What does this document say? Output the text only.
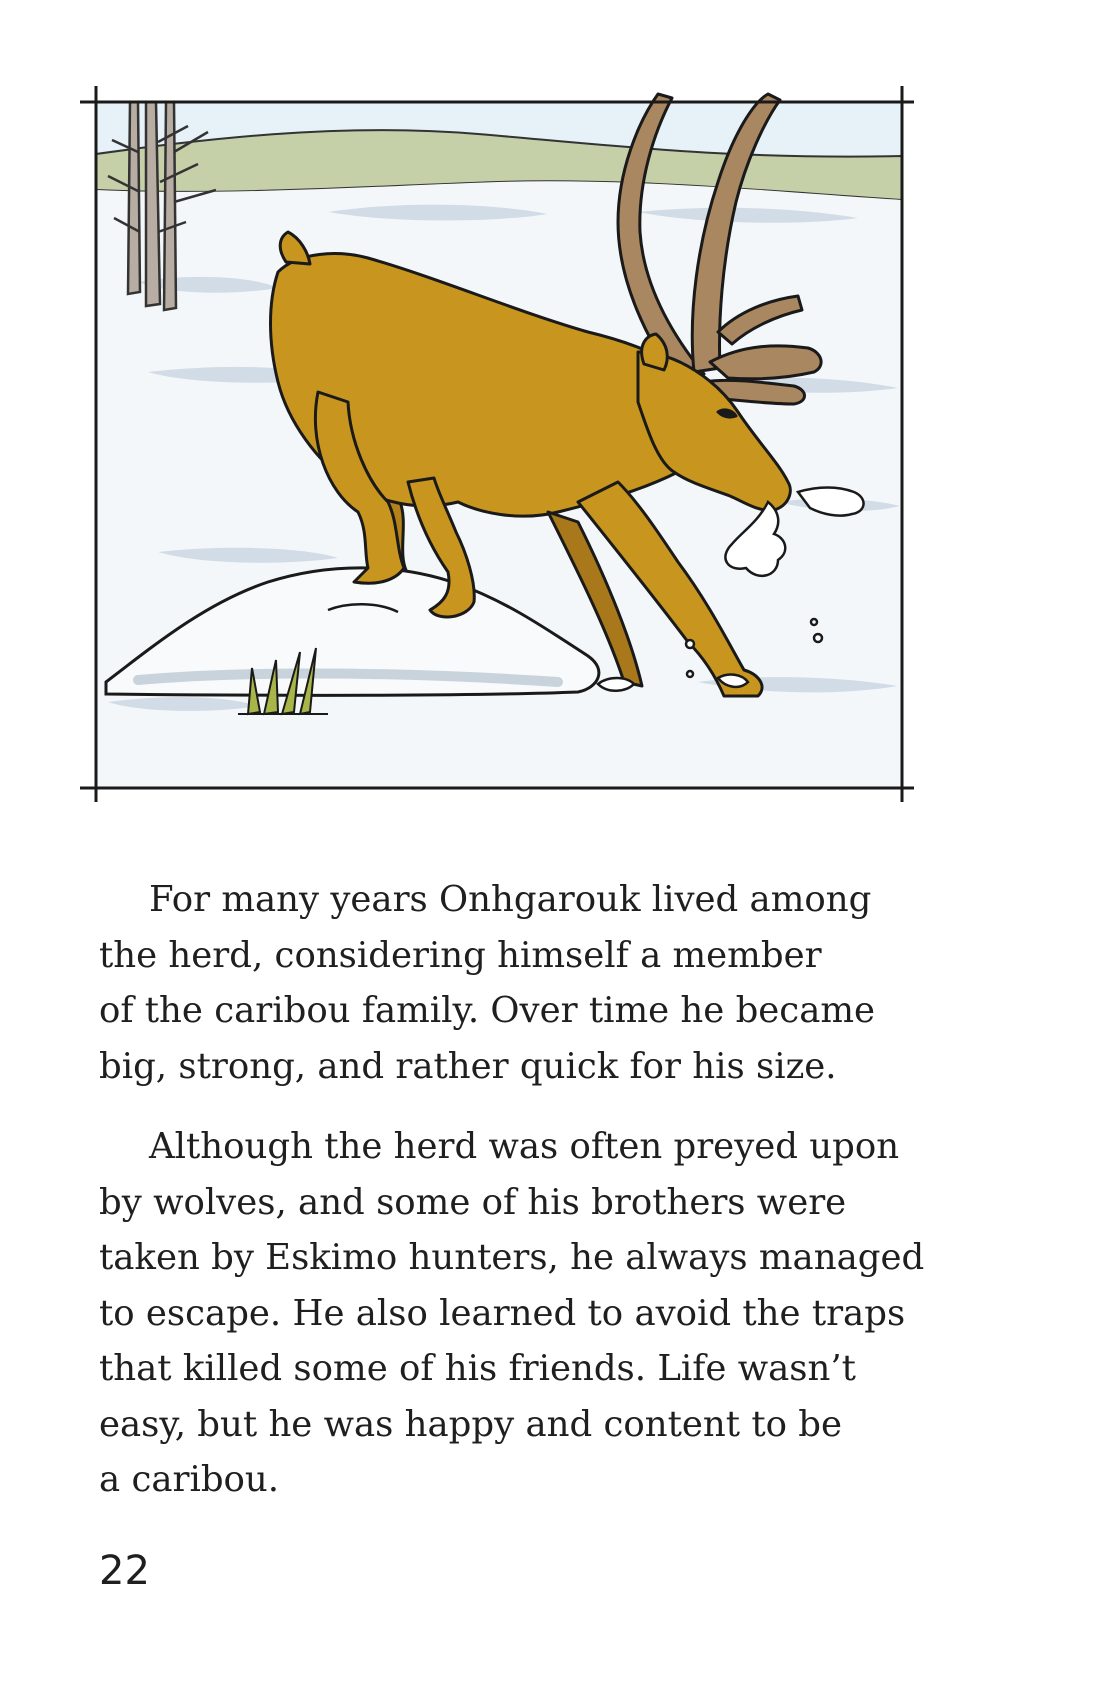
For many years Onhgarouk lived among
the herd, considering himself a member
of the caribou family. Over time he became
big, strong, and rather quick for his size.

Although the herd was often preyed upon
by wolves, and some of his brothers were
taken by Eskimo hunters, he always managed
to escape. He also learned to avoid the traps
that killed some of his friends. Life wasn’t
easy, but he was happy and content to be
a caribou.

22
